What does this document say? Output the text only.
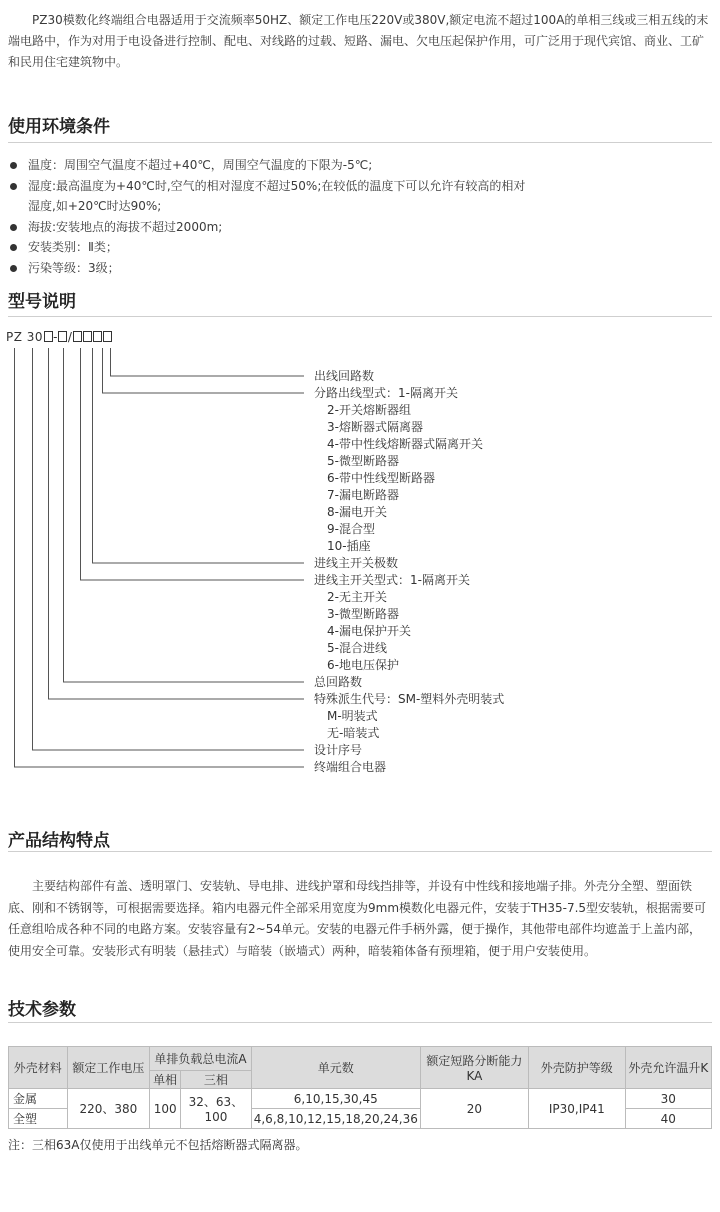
PZ30模数化终端组合电器适用于交流频率50HZ、额定工作电压220V或380V,额定电流不超过100A的单相三线或三相五线的末端电路中，作为对用于电设备进行控制、配电、对线路的过载、短路、漏电、欠电压起保护作用，可广泛用于现代宾馆、商业、工矿和民用住宅建筑物中。

使用环境条件
温度：周围空气温度不超过+40℃，周围空气温度的下限为-5℃;
湿度:最高温度为+40℃时,空气的相对湿度不超过50%;在较低的温度下可以允许有较高的相对
湿度,如+20℃时达90%;
海拔:安装地点的海拔不超过2000m;
安装类别：Ⅱ类；
污染等级：3级；
型号说明
PZ 30 - /
出线回路数
分路出线型式：1-隔离开关
2-开关熔断器组
3-熔断器式隔离器
4-带中性线熔断器式隔离开关
5-微型断路器
6-带中性线型断路器
7-漏电断路器
8-漏电开关
9-混合型
10-插座
进线主开关极数
进线主开关型式：1-隔离开关
2-无主开关
3-微型断路器
4-漏电保护开关
5-混合进线
6-地电压保护
总回路数
特殊派生代号：SM-塑料外壳明装式
M-明装式
无-暗装式
设计序号
终端组合电器
产品结构特点

主要结构部件有盖、透明罩门、安装轨、导电排、进线护罩和母线挡排等，并设有中性线和接地端子排。外壳分全塑、塑面铁底、刚和不锈钢等，可根据需要选择。箱内电器元件全部采用宽度为9mm模数化电器元件，安装于TH35-7.5型安装轨，根据需要可任意组哈成各种不同的电路方案。安装容量有2~54单元。安装的电器元件手柄外露，便于操作，其他带电部件均遮盖于上盖内部，使用安全可靠。安装形式有明装（悬挂式）与暗装（嵌墙式）两种，暗装箱体备有预埋箱，便于用户安装使用。

技术参数
外壳材料	额定工作电压	单排负载总电流A		单元数	额定短路分断能力KA	外壳防护等级	外壳允许温升K
		单相	三相				
金属	220、380	100	32、63、100	6,10,15,30,45	20	IP30,IP41	30
全塑				4,6,8,10,12,15,18,20,24,36			40
注：三相63A仅使用于出线单元不包括熔断器式隔离器。
